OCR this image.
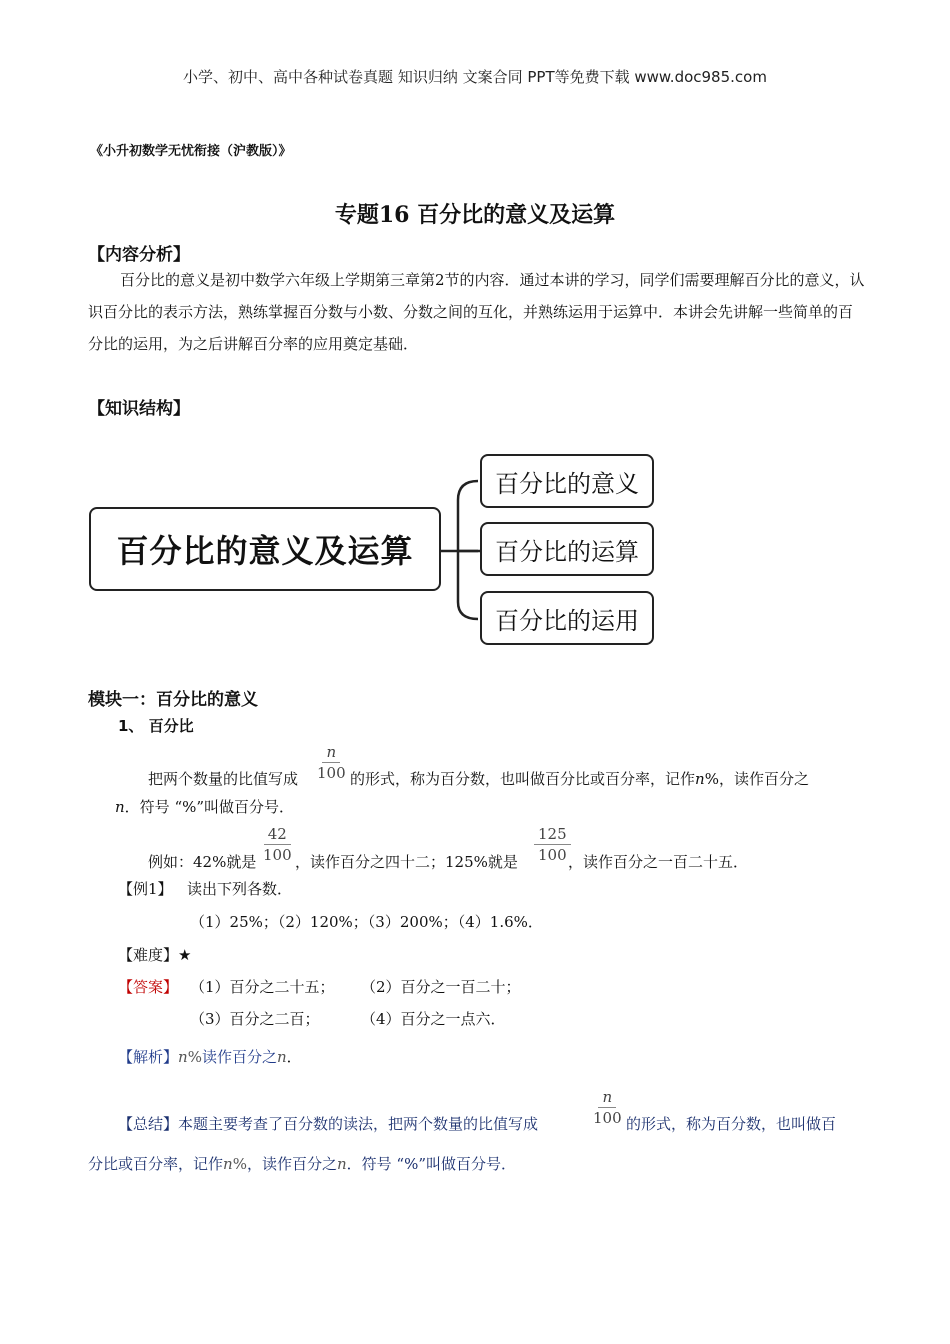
小学、初中、高中各种试卷真题 知识归纳 文案合同 PPT等免费下载 www.doc985.com
《小升初数学无忧衔接（沪教版）》
专题16 百分比的意义及运算
【内容分析】
百分比的意义是初中数学六年级上学期第三章第2节的内容．通过本讲的学习，同学们需要理解百分比的意义，认识百分比的表示方法，熟练掌握百分数与小数、分数之间的互化，并熟练运用于运算中．本讲会先讲解一些简单的百分比的运用，为之后讲解百分率的应用奠定基础．
【知识结构】
百分比的意义及运算
百分比的意义
百分比的运算
百分比的运用
模块一：百分比的意义
1、 百分比
把两个数量的比值写成 $\frac{n}{100}$ 的形式，称为百分数，也叫做百分比或百分率，记作n%，读作百分之
n．符号 “%”叫做百分号．
例如：42%就是 $\frac{42}{100}$ ，读作百分之四十二；125%就是 $\frac{125}{100}$
，读作百分之一百二十五．
【例1】 读出下列各数．
（1）25%；（2）120%；（3）200%；（4）1.6%．
【难度】★
【答案】 （1）百分之二十五； （2）百分之一百二十；
（3）百分之二百；	（4）百分之一点六．
【解析】n%读作百分之n．
【总结】本题主要考查了百分数的读法，把两个数量的比值写成	$\frac{n}{100}$ 的形式，称为百分数，也叫做百
分比或百分率，记作n%，读作百分之n．符号 “%”叫做百分号．
